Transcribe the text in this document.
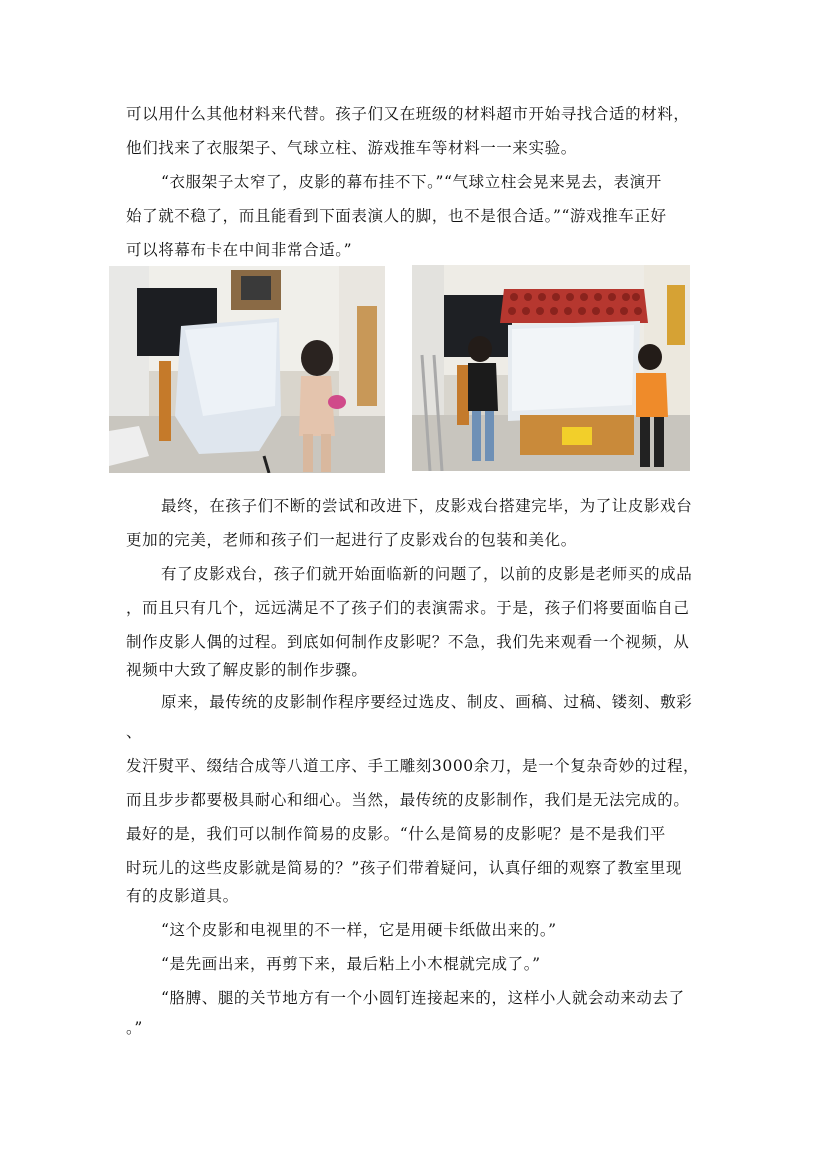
可以用什么其他材料来代替。孩子们又在班级的材料超市开始寻找合适的材料，
他们找来了衣服架子、气球立柱、游戏推车等材料一一来实验。
“衣服架子太窄了，皮影的幕布挂不下。”“气球立柱会晃来晃去，表演开
始了就不稳了，而且能看到下面表演人的脚，也不是很合适。”“游戏推车正好
可以将幕布卡在中间非常合适。”
最终，在孩子们不断的尝试和改进下，皮影戏台搭建完毕，为了让皮影戏台
更加的完美，老师和孩子们一起进行了皮影戏台的包装和美化。
有了皮影戏台，孩子们就开始面临新的问题了，以前的皮影是老师买的成品
，而且只有几个，远远满足不了孩子们的表演需求。于是，孩子们将要面临自己
制作皮影人偶的过程。到底如何制作皮影呢？不急，我们先来观看一个视频，从
视频中大致了解皮影的制作步骤。
原来，最传统的皮影制作程序要经过选皮、制皮、画稿、过稿、镂刻、敷彩
、
发汗熨平、缀结合成等八道工序、手工雕刻3000余刀，是一个复杂奇妙的过程，
而且步步都要极具耐心和细心。当然，最传统的皮影制作，我们是无法完成的。
最好的是，我们可以制作简易的皮影。“什么是简易的皮影呢？是不是我们平
时玩儿的这些皮影就是简易的？”孩子们带着疑问，认真仔细的观察了教室里现
有的皮影道具。
“这个皮影和电视里的不一样，它是用硬卡纸做出来的。”
“是先画出来，再剪下来，最后粘上小木棍就完成了。”
“胳膊、腿的关节地方有一个小圆钉连接起来的，这样小人就会动来动去了
。”
